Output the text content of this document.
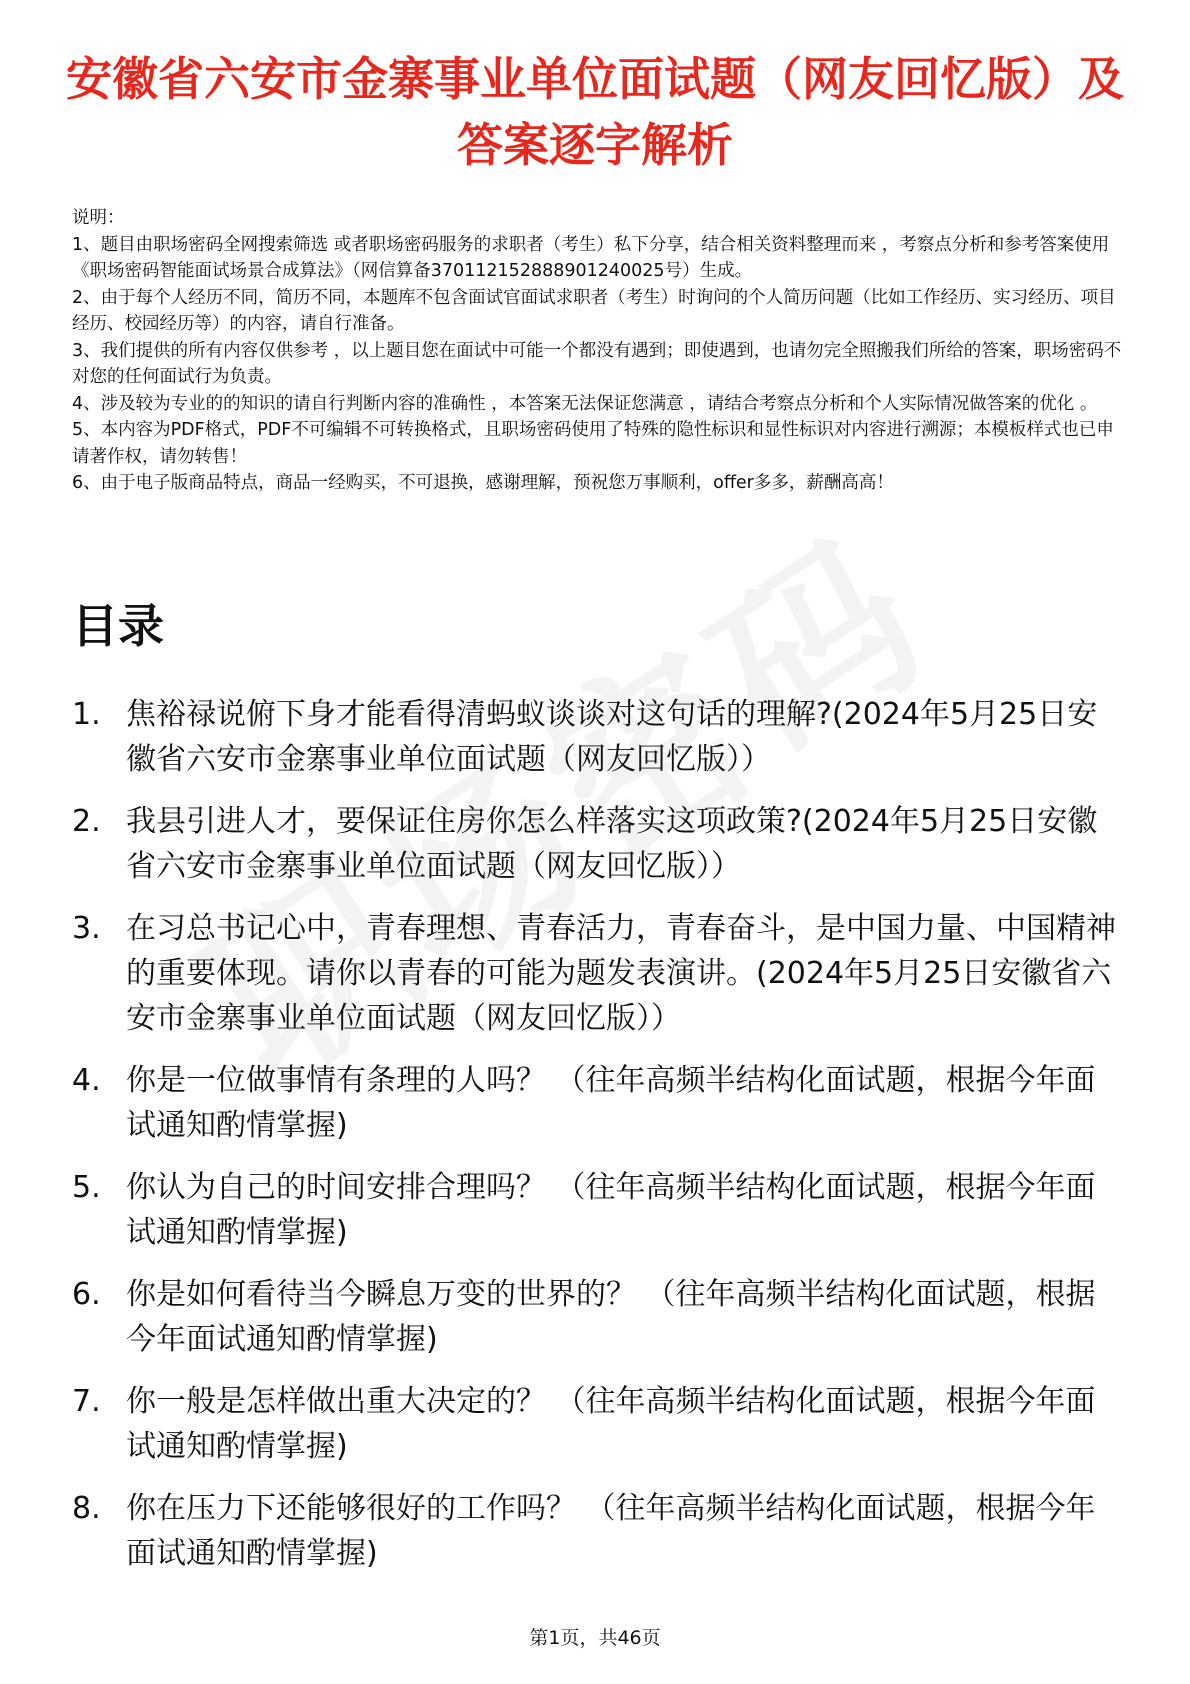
安徽省六安市金寨事业单位面试题（网友回忆版）及答案逐字解析

说明：

1、题目由职场密码全网搜索筛选 或者职场密码服务的求职者（考生）私下分享，结合相关资料整理而来 ，考察点分析和参考答案使用《职场密码智能面试场景合成算法》（网信算备370112152888901240025号）生成。

2、由于每个人经历不同，简历不同，本题库不包含面试官面试求职者（考生）时询问的个人简历问题（比如工作经历、实习经历、项目经历、校园经历等）的内容，请自行准备。

3、我们提供的所有内容仅供参考 ，以上题目您在面试中可能一个都没有遇到；即使遇到，也请勿完全照搬我们所给的答案，职场密码不对您的任何面试行为负责。

4、涉及较为专业的的知识的请自行判断内容的准确性 ，本答案无法保证您满意 ，请结合考察点分析和个人实际情况做答案的优化 。

5、本内容为PDF格式，PDF不可编辑不可转换格式，且职场密码使用了特殊的隐性标识和显性标识对内容进行溯源；本模板样式也已申请著作权，请勿转售！

6、由于电子版商品特点，商品一经购买，不可退换，感谢理解，预祝您万事顺利，offer多多，薪酬高高！

目录
1. 焦裕禄说俯下身才能看得清蚂蚁谈谈对这句话的理解?(2024年5月25日安徽省六安市金寨事业单位面试题（网友回忆版））
2. 我县引进人才，要保证住房你怎么样落实这项政策?(2024年5月25日安徽省六安市金寨事业单位面试题（网友回忆版））
3. 在习总书记心中，青春理想、青春活力，青春奋斗，是中国力量、中国精神的重要体现。请你以青春的可能为题发表演讲。(2024年5月25日安徽省六安市金寨事业单位面试题（网友回忆版））
4. 你是一位做事情有条理的人吗？ （往年高频半结构化面试题，根据今年面试通知酌情掌握)
5. 你认为自己的时间安排合理吗？ （往年高频半结构化面试题，根据今年面试通知酌情掌握)
6. 你是如何看待当今瞬息万变的世界的？ （往年高频半结构化面试题，根据今年面试通知酌情掌握)
7. 你一般是怎样做出重大决定的？ （往年高频半结构化面试题，根据今年面试通知酌情掌握)
8. 你在压力下还能够很好的工作吗？ （往年高频半结构化面试题，根据今年面试通知酌情掌握)
第1页，共46页
